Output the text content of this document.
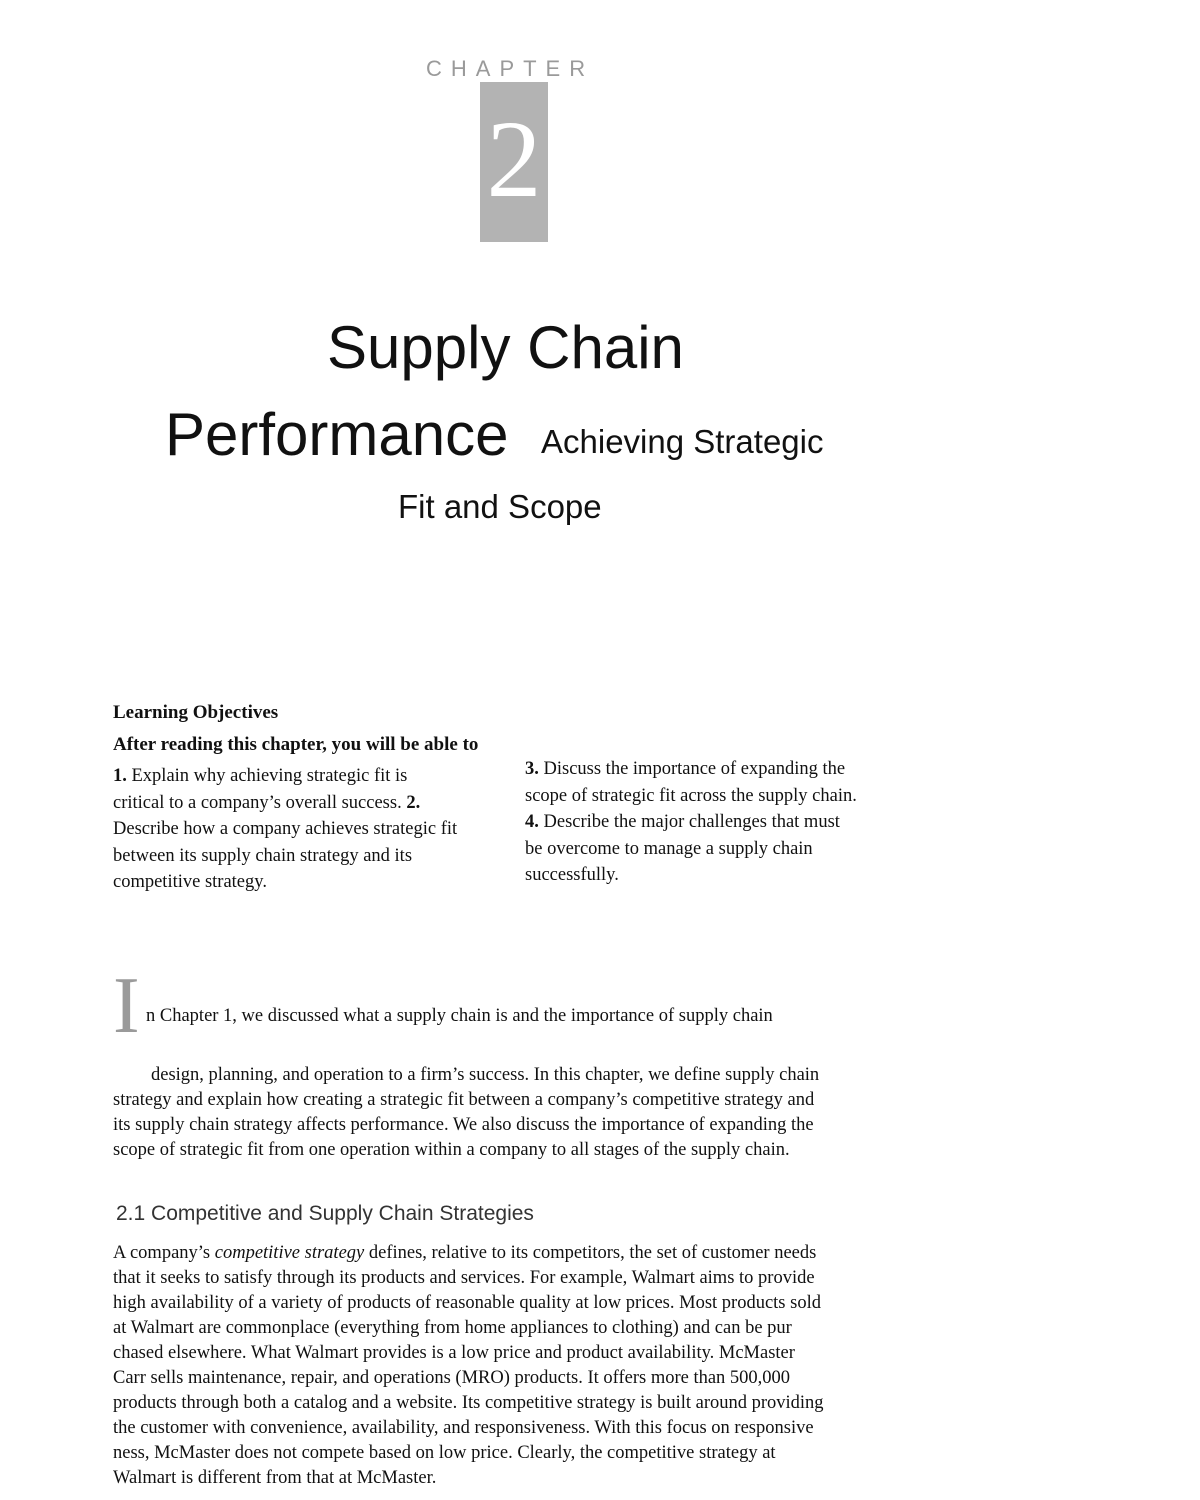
CHAPTER
2
Supply Chain
Performance Achieving Strategic
Fit and Scope
Learning Objectives
After reading this chapter, you will be able to
1. Explain why achieving strategic fit is
critical to a company’s overall success. 2.
Describe how a company achieves strategic fit
between its supply chain strategy and its
competitive strategy.
3. Discuss the importance of expanding the
scope of strategic fit across the supply chain.
4. Describe the major challenges that must
be overcome to manage a supply chain
successfully.
I n Chapter 1, we discussed what a supply chain is and the importance of supply chain
design, planning, and operation to a firm’s success. In this chapter, we define supply chain
strategy and explain how creating a strategic fit between a company’s competitive strategy and
its supply chain strategy affects performance. We also discuss the importance of expanding the
scope of strategic fit from one operation within a company to all stages of the supply chain.
2.1 Competitive and Supply Chain Strategies
A company’s competitive strategy defines, relative to its competitors, the set of customer needs
that it seeks to satisfy through its products and services. For example, Walmart aims to provide
high availability of a variety of products of reasonable quality at low prices. Most products sold
at Walmart are commonplace (everything from home appliances to clothing) and can be pur
chased elsewhere. What Walmart provides is a low price and product availability. McMaster
Carr sells maintenance, repair, and operations (MRO) products. It offers more than 500,000
products through both a catalog and a website. Its competitive strategy is built around providing
the customer with convenience, availability, and responsiveness. With this focus on responsive
ness, McMaster does not compete based on low price. Clearly, the competitive strategy at
Walmart is different from that at McMaster.
